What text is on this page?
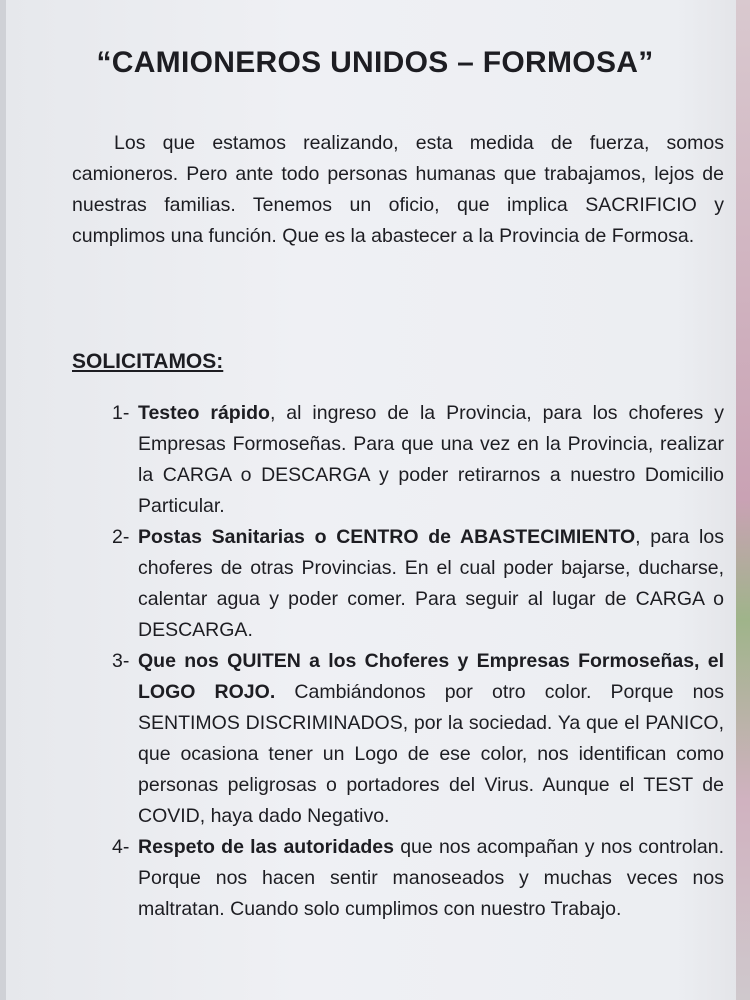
“CAMIONEROS UNIDOS – FORMOSA”

Los que estamos realizando, esta medida de fuerza, somos camioneros. Pero ante todo personas humanas que trabajamos, lejos de nuestras familias. Tenemos un oficio, que implica SACRIFICIO y cumplimos una función. Que es la abastecer a la Provincia de Formosa.

SOLICITAMOS:
1- Testeo rápido, al ingreso de la Provincia, para los choferes y Empresas Formoseñas. Para que una vez en la Provincia, realizar la CARGA o DESCARGA y poder retirarnos a nuestro Domicilio Particular.
2- Postas Sanitarias o CENTRO de ABASTECIMIENTO, para los choferes de otras Provincias. En el cual poder bajarse, ducharse, calentar agua y poder comer. Para seguir al lugar de CARGA o DESCARGA.
3- Que nos QUITEN a los Choferes y Empresas Formoseñas, el LOGO ROJO. Cambiándonos por otro color. Porque nos SENTIMOS DISCRIMINADOS, por la sociedad. Ya que el PANICO, que ocasiona tener un Logo de ese color, nos identifican como personas peligrosas o portadores del Virus. Aunque el TEST de COVID, haya dado Negativo.
4- Respeto de las autoridades que nos acompañan y nos controlan. Porque nos hacen sentir manoseados y muchas veces nos maltratan. Cuando solo cumplimos con nuestro Trabajo.
